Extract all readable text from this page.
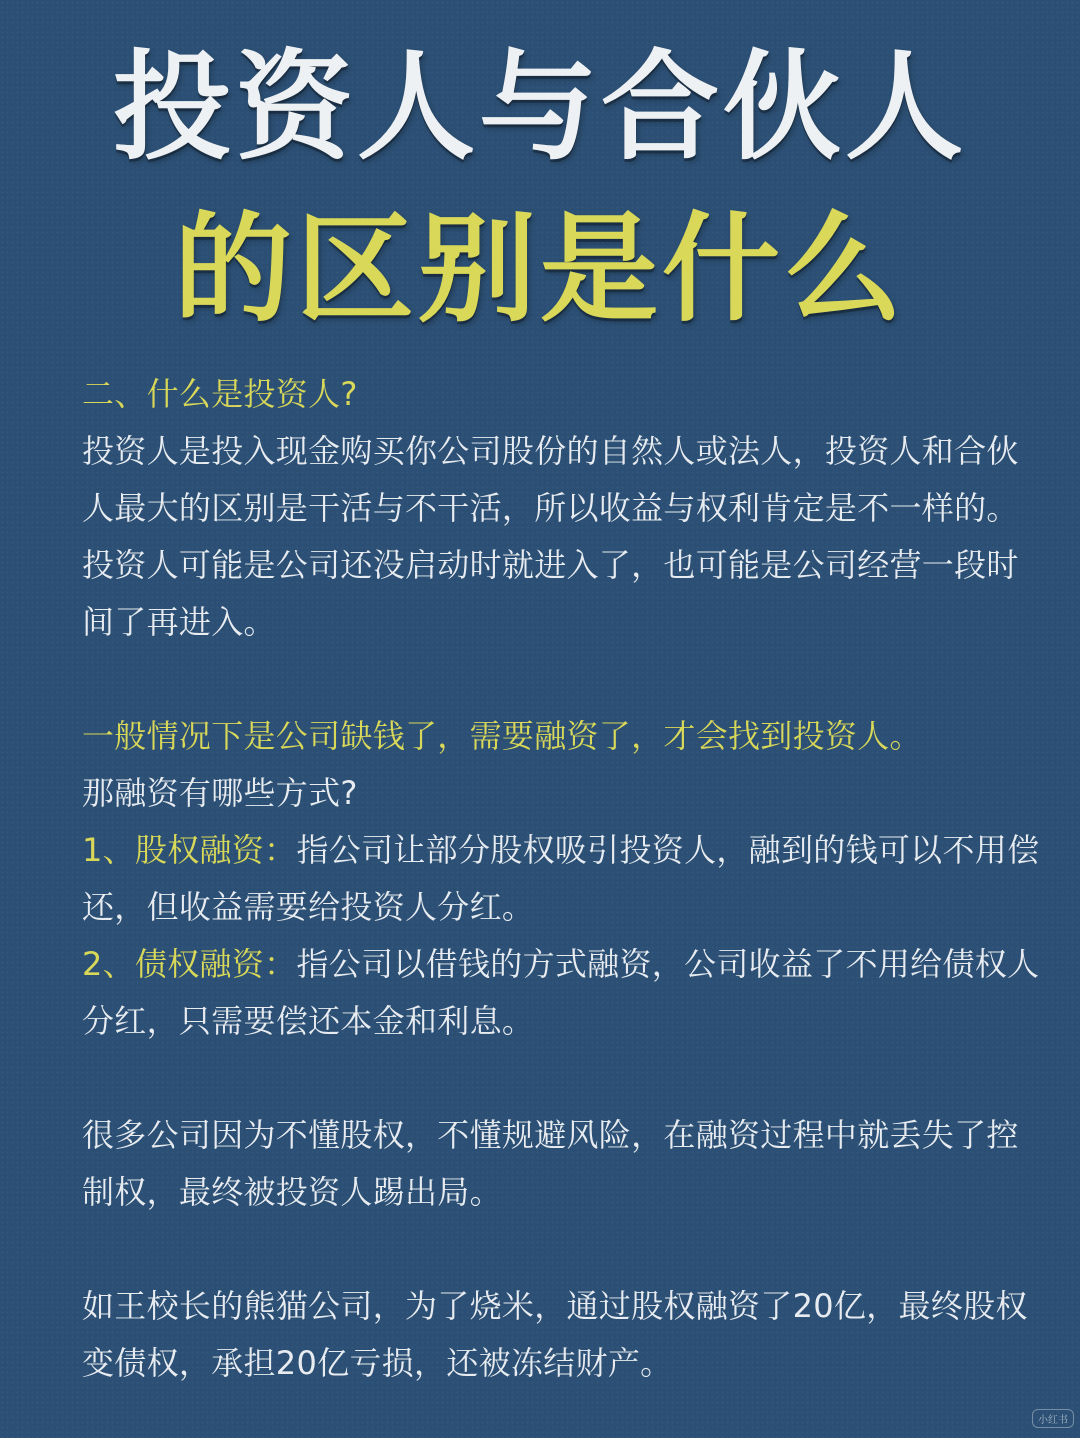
投资人与合伙人
的区别是什么

二、什么是投资人?

投资人是投入现金购买你公司股份的自然人或法人，投资人和合伙人最大的区别是干活与不干活，所以收益与权利肯定是不一样的。投资人可能是公司还没启动时就进入了，也可能是公司经营一段时间了再进入。

一般情况下是公司缺钱了，需要融资了，才会找到投资人。

那融资有哪些方式?

1、股权融资：指公司让部分股权吸引投资人，融到的钱可以不用偿还，但收益需要给投资人分红。

2、债权融资：指公司以借钱的方式融资，公司收益了不用给债权人分红，只需要偿还本金和利息。

很多公司因为不懂股权，不懂规避风险，在融资过程中就丢失了控制权，最终被投资人踢出局。

如王校长的熊猫公司，为了烧米，通过股权融资了20亿，最终股权变债权，承担20亿亏损，还被冻结财产。

小红书
